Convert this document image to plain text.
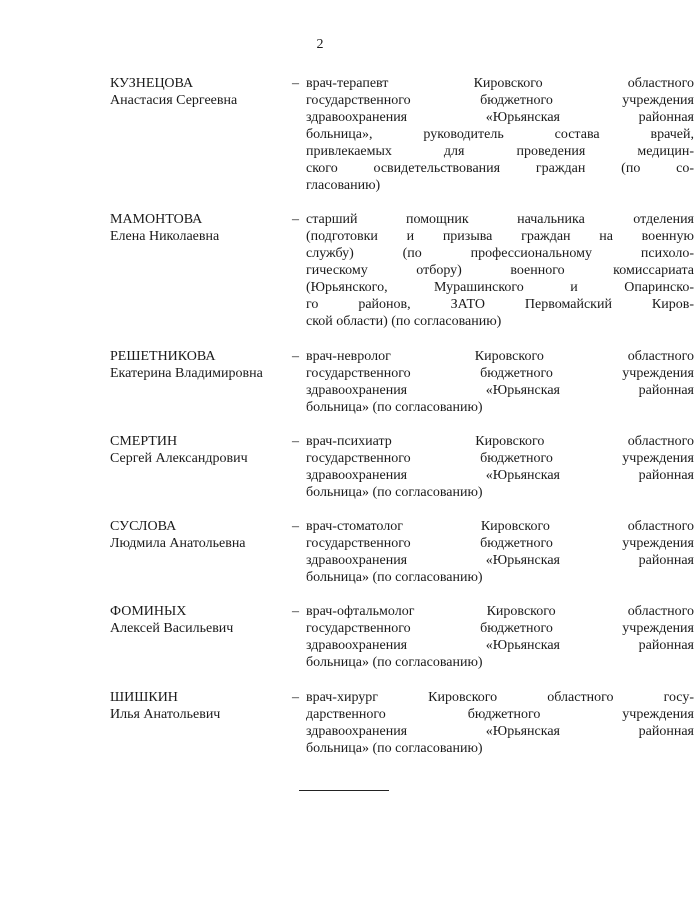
2
КУЗНЕЦОВА
Анастасия Сергеевна
– врач-терапевт Кировского областного
государственного бюджетного учреждения
здравоохранения «Юрьянская районная
больница», руководитель состава врачей,
привлекаемых для проведения медицин-
ского освидетельствования граждан (по со-
гласованию)
МАМОНТОВА
Елена Николаевна
– старший помощник начальника отделения
(подготовки и призыва граждан на военную
службу) (по профессиональному психоло-
гическому отбору) военного комиссариата
(Юрьянского, Мурашинского и Опаринско-
го районов, ЗАТО Первомайский Киров-
ской области) (по согласованию)
РЕШЕТНИКОВА
Екатерина Владимировна
– врач-невролог Кировского областного
государственного бюджетного учреждения
здравоохранения «Юрьянская районная
больница» (по согласованию)
СМЕРТИН
Сергей Александрович
– врач-психиатр Кировского областного
государственного бюджетного учреждения
здравоохранения «Юрьянская районная
больница» (по согласованию)
СУСЛОВА
Людмила Анатольевна
– врач-стоматолог Кировского областного
государственного бюджетного учреждения
здравоохранения «Юрьянская районная
больница» (по согласованию)
ФОМИНЫХ
Алексей Васильевич
– врач-офтальмолог Кировского областного
государственного бюджетного учреждения
здравоохранения «Юрьянская районная
больница» (по согласованию)
ШИШКИН
Илья Анатольевич
– врач-хирург Кировского областного госу-
дарственного бюджетного учреждения
здравоохранения «Юрьянская районная
больница» (по согласованию)
